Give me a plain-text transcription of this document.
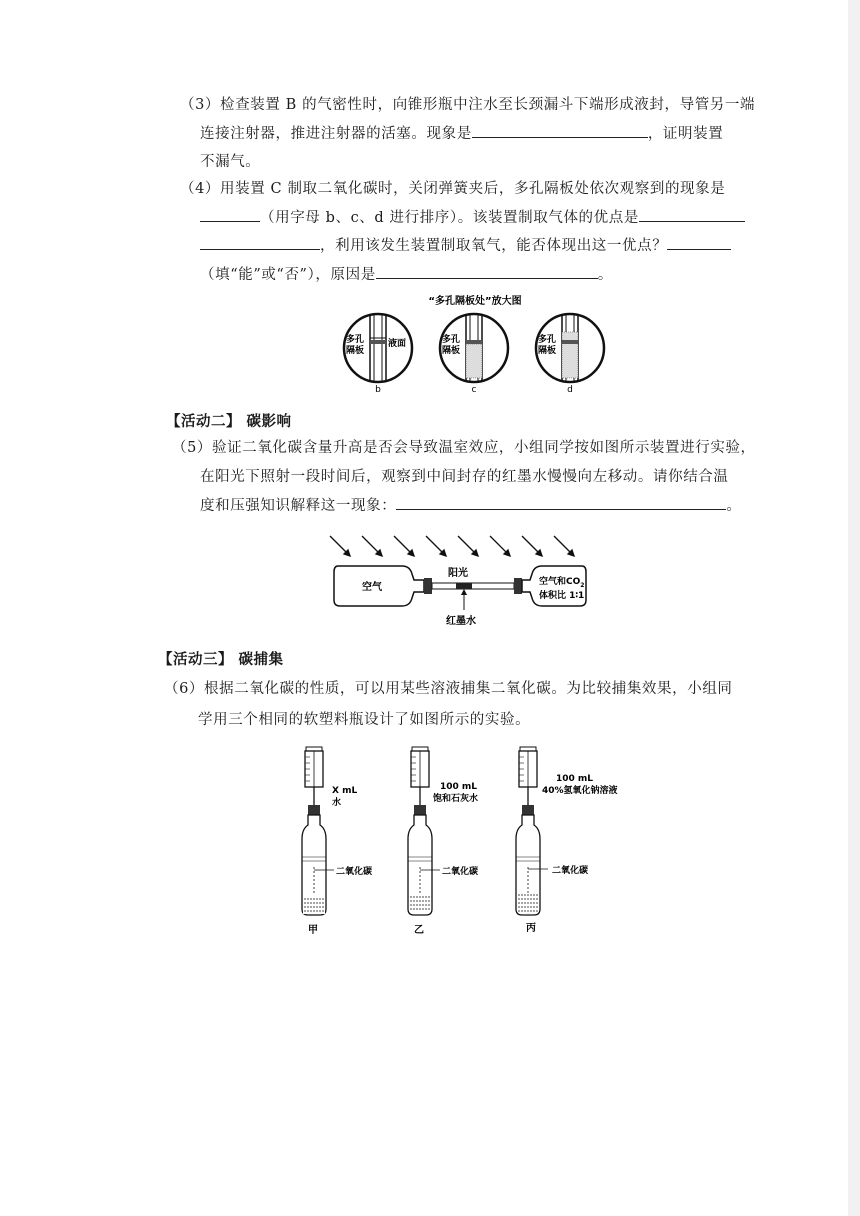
（3）检查装置 B 的气密性时，向锥形瓶中注水至长颈漏斗下端形成液封，导管另一端
连接注射器，推进注射器的活塞。现象是	，证明装置
不漏气。
（4）用装置 C 制取二氧化碳时，关闭弹簧夹后，多孔隔板处依次观察到的现象是
（用字母 b、c、d 进行排序）。该装置制取气体的优点是
，利用该发生装置制取氧气，能否体现出这一优点？
（填“能”或“否”），原因是	。
“多孔隔板处”放大图
多孔
隔板
液面	多孔
隔板
多孔
隔板
b	c	d
【活动二】 碳影响
（5）验证二氧化碳含量升高是否会导致温室效应，小组同学按如图所示装置进行实验，
在阳光下照射一段时间后，观察到中间封存的红墨水慢慢向左移动。请你结合温
度和压强知识解释这一现象：	。
空气
阳光
空气和$CO_2$
体积比 1∶1
红墨水
【活动三】 碳捕集
（6）根据二氧化碳的性质，可以用某些溶液捕集二氧化碳。为比较捕集效果，小组同
学用三个相同的软塑料瓶设计了如图所示的实验。
X mL
水
二氧化碳
甲
100 mL
饱和石灰水
二氧化碳
乙
100 mL
40%氢氧化钠溶液
二氧化碳
丙
